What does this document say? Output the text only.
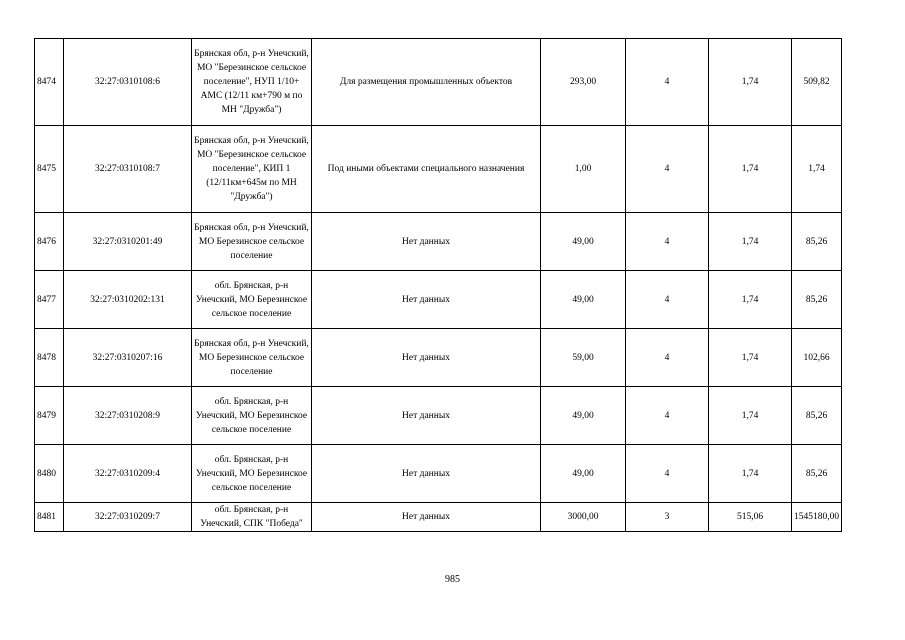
8474	32:27:0310108:6	Брянская обл, р-н Унечский, МО "Березинское сельское поселение", НУП 1/10+ АМС (12/11 км+790 м по МН "Дружба")	Для размещения промышленных объектов	293,00	4	1,74	509,82
8475	32:27:0310108:7	Брянская обл, р-н Унечский, МО "Березинское сельское поселение", КИП 1 (12/11км+645м по МН "Дружба")	Под иными объектами специального назначения	1,00	4	1,74	1,74
8476	32:27:0310201:49	Брянская обл, р-н Унечский, МО Березинское сельское поселение	Нет данных	49,00	4	1,74	85,26
8477	32:27:0310202:131	обл. Брянская, р-н Унечский, МО Березинское сельское поселение	Нет данных	49,00	4	1,74	85,26
8478	32:27:0310207:16	Брянская обл, р-н Унечский, МО Березинское сельское поселение	Нет данных	59,00	4	1,74	102,66
8479	32:27:0310208:9	обл. Брянская, р-н Унечский, МО Березинское сельское поселение	Нет данных	49,00	4	1,74	85,26
8480	32:27:0310209:4	обл. Брянская, р-н Унечский, МО Березинское сельское поселение	Нет данных	49,00	4	1,74	85,26
8481	32:27:0310209:7	обл. Брянская, р-н Унечский, СПК "Победа"	Нет данных	3000,00	3	515,06	1545180,00
985
